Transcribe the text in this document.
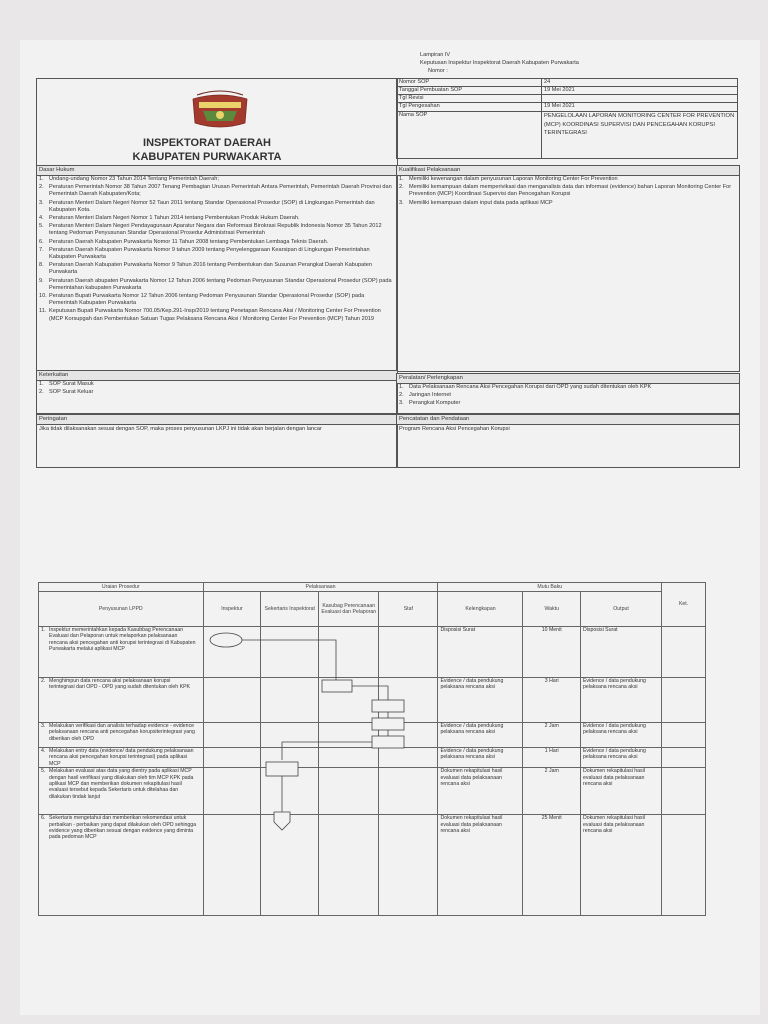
Lampiran IV
Keputusan Inspektur Inspektorat Daerah Kabupaten Purwakarta
Nomor :
INSPEKTORAT DAERAH
KABUPATEN PURWAKARTA
Nomor SOP	24
Tanggal Pembuatan SOP	19 Mei 2021
Tgl Revisi	
Tgl Pengesahan	19 Mei 2021
Nama SOP	PENGELOLAAN LAPORAN MONITORING CENTER FOR PREVENTION (MCP) KOORDINASI SUPERVISI DAN PENCEGAHAN KORUPSI TERINTEGRASI
Dasar Hukum
1. Undang-undang Nomor 23 Tahun 2014 Tentang Pemerintah Daerah;
2. Peraturan Pemerintah Nomor 38 Tahun 2007 Tenang Pembagian Urusan Pemerintah Antara Pemerintah, Pemerintah Daerah Provinsi dan Pemerintah Daerah Kabupaten/Kota;
3. Peraturan Menteri Dalam Negeri Nomor 52 Taun 2011 tentang Standar Operasional Prosedur (SOP) di Lingkungan Pemerintah dan Kabupaten Kota.
4. Peraturan Menteri Dalam Negeri Nomor 1 Tahun 2014 tentang Pembentukan Produk Hukum Daerah.
5. Peraturan Menteri Dalam Negeri Pendayagunaan Aparatur Negara dan Reformasi Birokrasi Republik Indonesia Nomor 35 Tahun 2012 tentang Pedoman Penyusunan Standar Operasional Prosedur Administrasi Pemerintah
6. Peraturan Daerah Kabupaten Purwakarta Nomor 11 Tahun 2008 tentang Pembentukan Lembaga Teknis Daerah.
7. Peraturan Daerah Kabupaten Purwakarta Nomor 9 tahun 2009 tentang Penyelenggaraan Kearsipan di Lingkungan Pemerintahan Kabupaten Purwakarta
8. Peraturan Daerah Kabupaten Purwakarta Nomor 9 Tahun 2016 tentang Pembentukan dan Susunan Perangkat Daerah Kabupaten Purwakarta
9. Peraturan Daerah abupaten Purwakarta Nomor 12 Tahun 2006 tentang Pedoman Penyusunan Standar Operasional Prosedur (SOP) pada Pemerintahan kabupaten Purwakarta
10. Peraturan Bupati Purwakarta Nomor 12 Tahun 2006 tentang Pedoman Penyusunan Standar Operasional Prosedur (SOP) pada Pemerintah Kabupaten Purwakarta
11. Keputusan Bupati Purwakarta Nomor 700.05/Kep.291-Insp/2019 tentang Penetapan Rencana Aksi / Monitoring Center For Prevention (MCP Korsupgah dan Pembentukan Satuan Tugas Pelaksana Rencana Aksi / Monitoring Center For Prevention (MCP) Tahun 2019
Kualifikasi Pelaksanaan
1. Memiliki kewenangan dalam penyusunan Laporan Monitoring Center For Prevention
2. Memiliki kemampuan dalam memperivikasi dan menganalisis data dan informasi (evidence) bahan Laporan Monitoring Center For Prevention (MCP) Koordinasi Supervisi dan Pencegahan Korupsi
3. Memiliki kemampuan dalam input data pada aplikasi MCP
Keterkaitan
1. SOP Surat Masuk
2. SOP Surat Keluar
Peralatan/ Perlengkapan
1. Data Pelaksanaan Rencana Aksi Pencegahan Korupsi dari OPD yang sudah ditentukan oleh KPK
2. Jaringan Internet
3. Perangkat Komputer
Peringatan
Jika tidak dilaksanakan sesuai dengan SOP, maka proses penyusunan LKPJ ini tidak akan berjalan dengan lancar
Pencatatan dan Pendataan
Program Rencana Aksi Pencegahan Korupsi
Uraian Prosedur	Pelaksanaan				Mutu Baku			Ket.
Penyusunan LPPD	Inspektur	Sekertaris Inspektorat	Kasubag Perencanaan Evaluasi dan Pelaporan	Staf	Kelengkapan	Waktu	Output	
1. Inspektur memerintahkan kepada Kasubbag Perencanaan Evaluasi dan Pelaporan untuk melaporkan pelaksanaan rencana aksi pencegahan anti korupsi terintegrasi di Kabupaten Purwakarta melalui aplikasi MCP					Disposisi Surat	10 Menit	Disposisi Surat	
2. Menghimpun data rencana aksi pelaksanaan korupsi terintegrasi dari OPD - OPD yang sudah ditentukan oleh KPK					Evidence / data pendukung pelaksana rencana aksi	3 Hari	Evidence / data pendukung pelaksana rencana aksi	
3. Melakukan verifikasi dan analisis terhadap evidence - evidence pelaksanaan rencana anti pencegahan korupsiterintegrasi yang diberikan oleh OPD					Evidence / data pendukung pelaksana rencana aksi	2 Jam	Evidence / data pendukung pelaksana rencana aksi	
4. Melakukan entry data (evidence/ data pendukung pelaksanaan rencana aksi pencegahan korupsi terintegrasi) pada aplikasi MCP					Evidence / data pendukung pelaksana rencana aksi	1 Hari	Evidence / data pendukung pelaksana rencana aksi	
5. Melakukan evaluasi atas data yang dientry pada aplikasi MCP dengan hasil verifikasi yang dilakukan oleh tim MCP KPK pada aplikasi MCP dan memberikan dokumen rekapitulasi hasil evaluasi tersebut kepada Sekertaris untuk ditelahaa dan dilakukan tindak lanjut					Dokumen rekapitulasi hasil evaluasi data pelaksanaan rencana aksi	2 Jam	Dokumen rekapitulasi hasil evaluasi data pelaksanaan rencana aksi	
6. Sekertaris mengetahui dan memberikan rekomendasi untuk perbaikan - perbaikan yang dapat dilakukan oleh OPD sehingga evidence yang diberikan sesuai dengan evidence yang diminta pada pedoman MCP					Dokumen rekapitulasi hasil evaluasi data pelaksanaan rencana aksi	25 Menit	Dokumen rekapitulasi hasil evaluasi data pelaksanaan rencana aksi	
